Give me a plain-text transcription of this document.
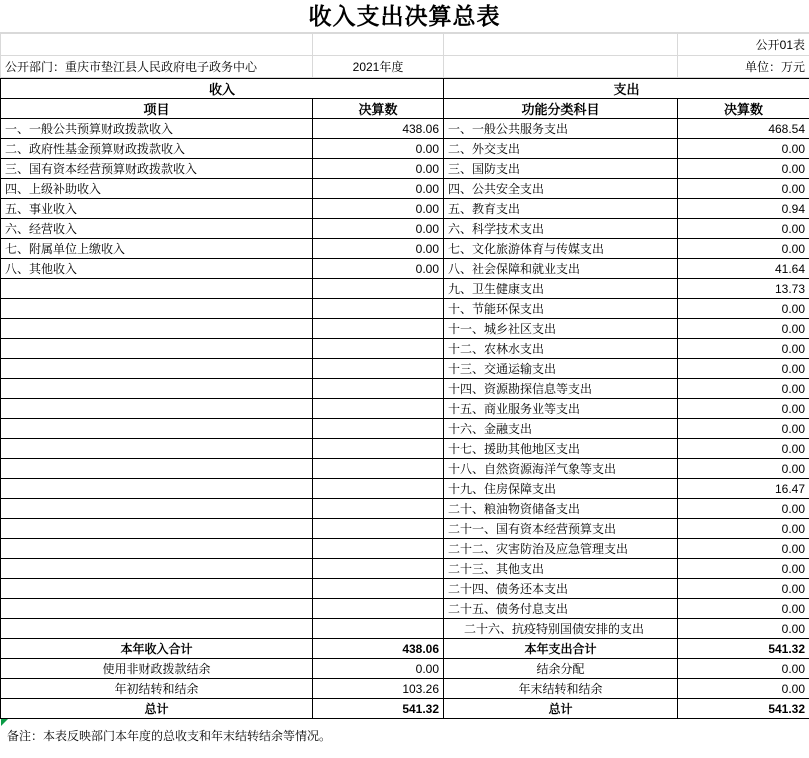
收入支出决算总表
			公开01表
公开部门：重庆市垫江县人民政府电子政务中心	2021年度		单位：万元
收入		支出	
项目	决算数	功能分类科目	决算数
一、一般公共预算财政拨款收入	438.06	一、一般公共服务支出	468.54
二、政府性基金预算财政拨款收入	0.00	二、外交支出	0.00
三、国有资本经营预算财政拨款收入	0.00	三、国防支出	0.00
四、上级补助收入	0.00	四、公共安全支出	0.00
五、事业收入	0.00	五、教育支出	0.94
六、经营收入	0.00	六、科学技术支出	0.00
七、附属单位上缴收入	0.00	七、文化旅游体育与传媒支出	0.00
八、其他收入	0.00	八、社会保障和就业支出	41.64
		九、卫生健康支出	13.73
		十、节能环保支出	0.00
		十一、城乡社区支出	0.00
		十二、农林水支出	0.00
		十三、交通运输支出	0.00
		十四、资源勘探信息等支出	0.00
		十五、商业服务业等支出	0.00
		十六、金融支出	0.00
		十七、援助其他地区支出	0.00
		十八、自然资源海洋气象等支出	0.00
		十九、住房保障支出	16.47
		二十、粮油物资储备支出	0.00
		二十一、国有资本经营预算支出	0.00
		二十二、灾害防治及应急管理支出	0.00
		二十三、其他支出	0.00
		二十四、债务还本支出	0.00
		二十五、债务付息支出	0.00
		二十六、抗疫特别国债安排的支出	0.00
本年收入合计	438.06	本年支出合计	541.32
使用非财政拨款结余	0.00	结余分配	0.00
年初结转和结余	103.26	年末结转和结余	0.00
总计	541.32	总计	541.32
备注：本表反映部门本年度的总收支和年末结转结余等情况。
